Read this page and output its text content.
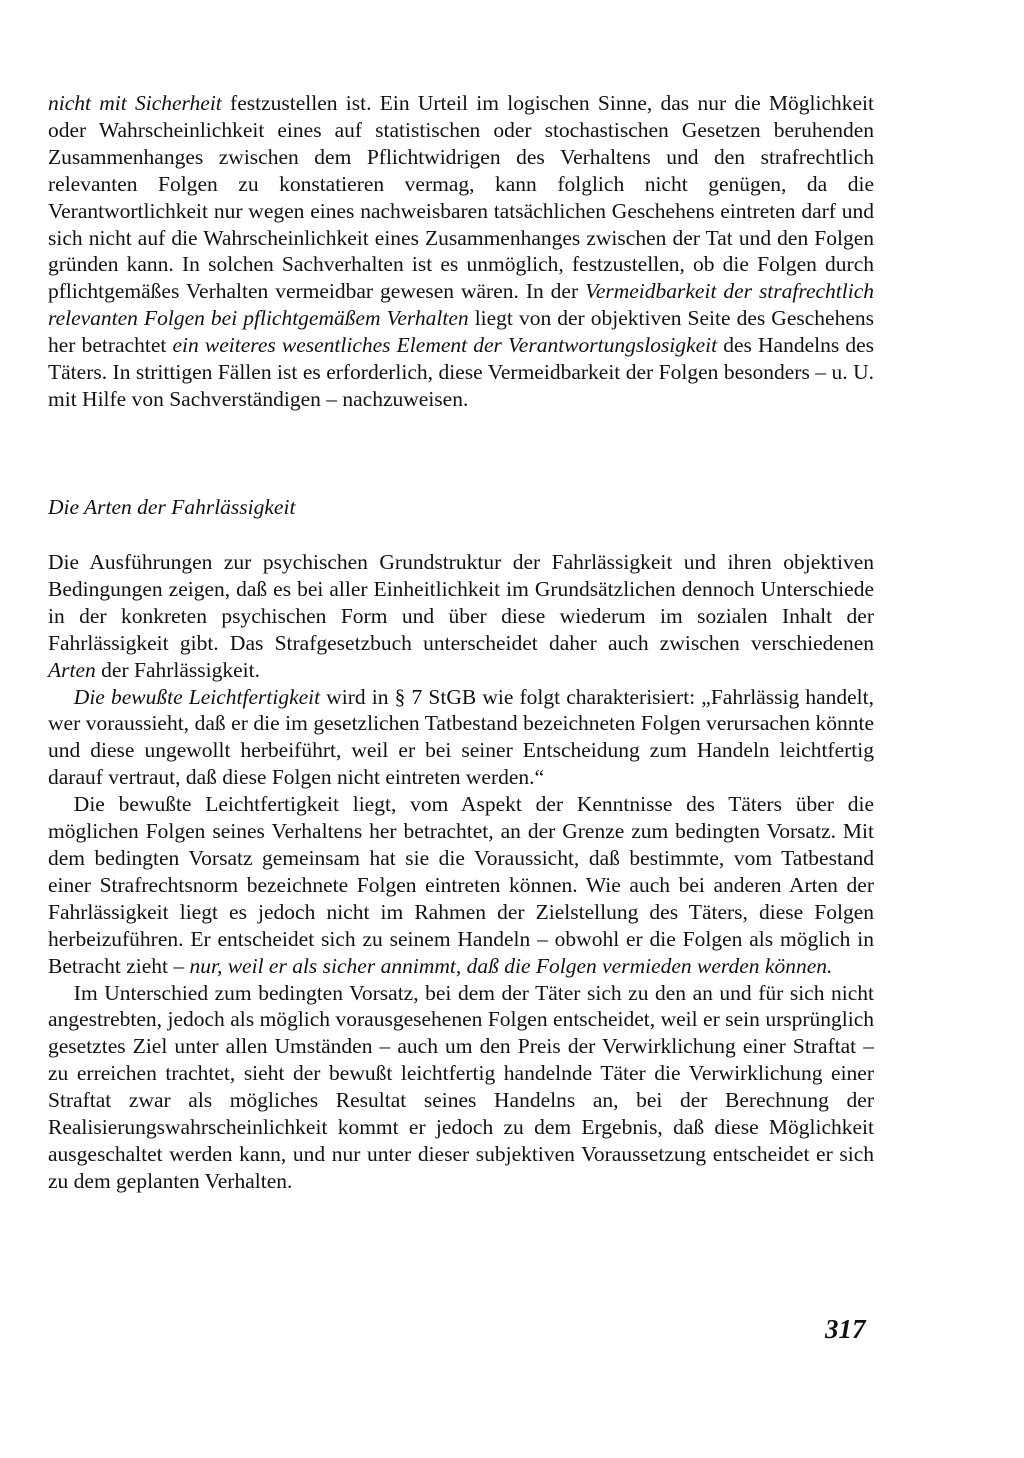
nicht mit Sicherheit festzustellen ist. Ein Urteil im logischen Sinne, das nur die Möglichkeit oder Wahrscheinlichkeit eines auf statistischen oder stochastischen Gesetzen beruhenden Zusammenhanges zwischen dem Pflichtwidrigen des Verhaltens und den strafrechtlich relevanten Folgen zu konstatieren vermag, kann folglich nicht genügen, da die Verantwortlichkeit nur wegen eines nachweisbaren tatsächlichen Geschehens eintreten darf und sich nicht auf die Wahrscheinlichkeit eines Zusammenhanges zwischen der Tat und den Folgen gründen kann. In solchen Sachverhalten ist es unmöglich, festzustellen, ob die Folgen durch pflichtgemäßes Verhalten vermeidbar gewesen wären. In der Vermeidbarkeit der strafrechtlich relevanten Folgen bei pflichtgemäßem Verhalten liegt von der objektiven Seite des Geschehens her betrachtet ein weiteres wesentliches Element der Verantwortungslosigkeit des Handelns des Täters. In strittigen Fällen ist es erforderlich, diese Vermeidbarkeit der Folgen besonders – u. U. mit Hilfe von Sachverständigen – nachzuweisen.

Die Arten der Fahrlässigkeit

Die Ausführungen zur psychischen Grundstruktur der Fahrlässigkeit und ihren objektiven Bedingungen zeigen, daß es bei aller Einheitlichkeit im Grundsätzlichen dennoch Unterschiede in der konkreten psychischen Form und über diese wiederum im sozialen Inhalt der Fahrlässigkeit gibt. Das Strafgesetzbuch unterscheidet daher auch zwischen verschiedenen Arten der Fahrlässigkeit.

Die bewußte Leichtfertigkeit wird in § 7 StGB wie folgt charakterisiert: „Fahrlässig handelt, wer voraussieht, daß er die im gesetzlichen Tatbestand bezeichneten Folgen verursachen könnte und diese ungewollt herbeiführt, weil er bei seiner Entscheidung zum Handeln leichtfertig darauf vertraut, daß diese Folgen nicht eintreten werden.“

Die bewußte Leichtfertigkeit liegt, vom Aspekt der Kenntnisse des Täters über die möglichen Folgen seines Verhaltens her betrachtet, an der Grenze zum bedingten Vorsatz. Mit dem bedingten Vorsatz gemeinsam hat sie die Voraussicht, daß bestimmte, vom Tatbestand einer Strafrechtsnorm bezeichnete Folgen eintreten können. Wie auch bei anderen Arten der Fahrlässigkeit liegt es jedoch nicht im Rahmen der Zielstellung des Täters, diese Folgen herbeizuführen. Er entscheidet sich zu seinem Handeln – obwohl er die Folgen als möglich in Betracht zieht – nur, weil er als sicher annimmt, daß die Folgen vermieden werden können.

Im Unterschied zum bedingten Vorsatz, bei dem der Täter sich zu den an und für sich nicht angestrebten, jedoch als möglich vorausgesehenen Folgen entscheidet, weil er sein ursprünglich gesetztes Ziel unter allen Umständen – auch um den Preis der Verwirklichung einer Straftat – zu erreichen trachtet, sieht der bewußt leichtfertig handelnde Täter die Verwirklichung einer Straftat zwar als mögliches Resultat seines Handelns an, bei der Berechnung der Realisierungswahrscheinlichkeit kommt er jedoch zu dem Ergebnis, daß diese Möglichkeit ausgeschaltet werden kann, und nur unter dieser subjektiven Voraussetzung entscheidet er sich zu dem geplanten Verhalten.

317
